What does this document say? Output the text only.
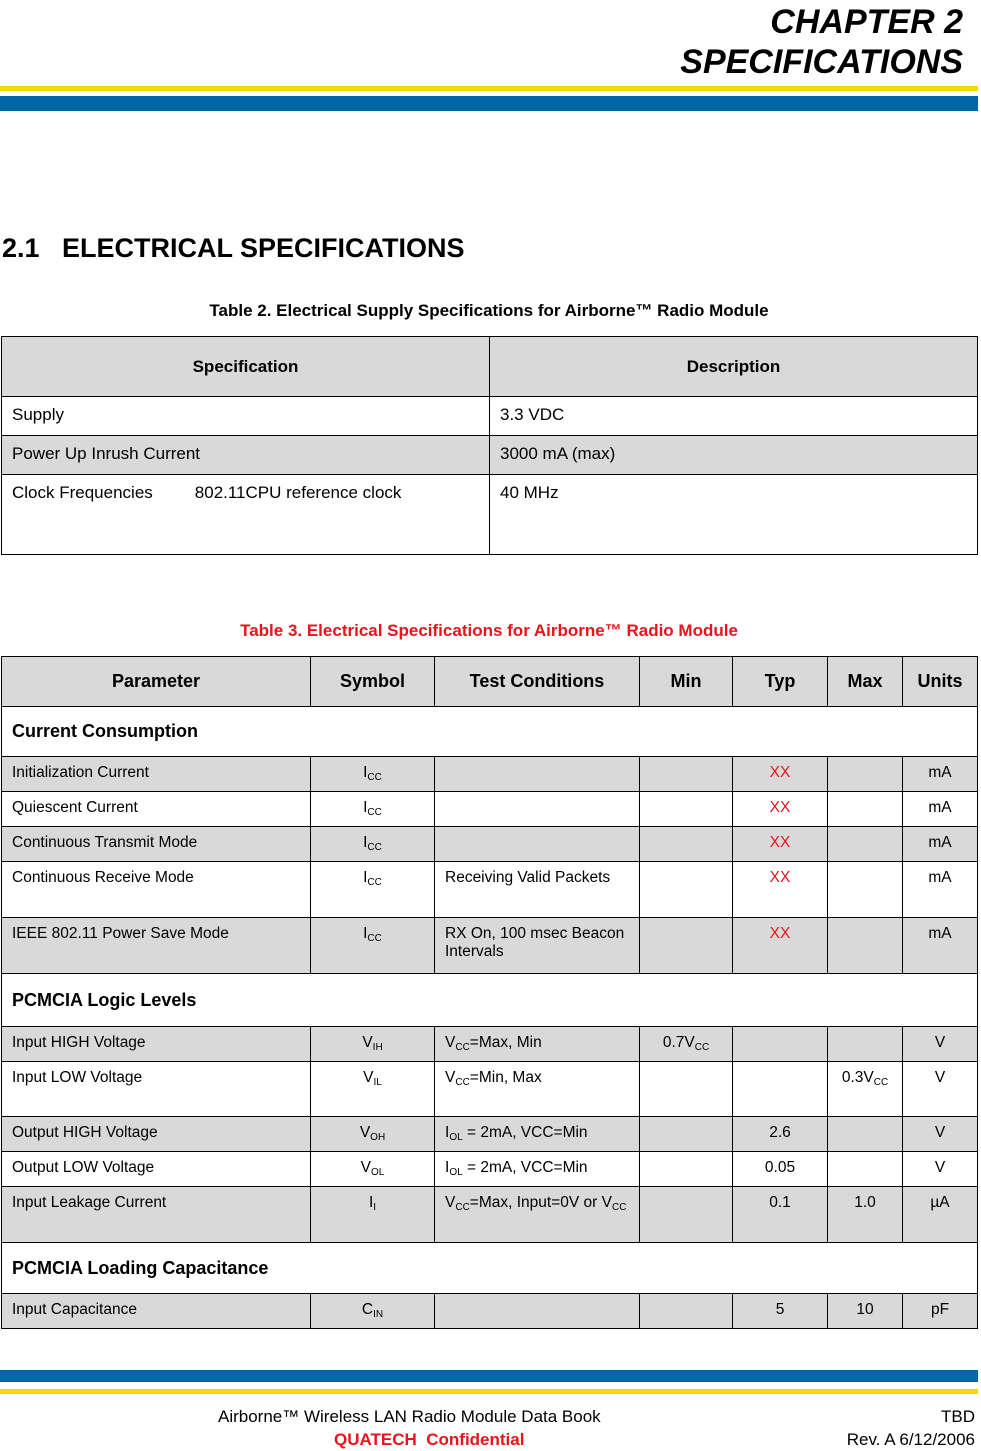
CHAPTER 2
SPECIFICATIONS
2.1 ELECTRICAL SPECIFICATIONS
Table 2. Electrical Supply Specifications for Airborne™ Radio Module
Specification	Description
Supply	3.3 VDC
Power Up Inrush Current	3000 mA (max)
Clock Frequencies 802.11CPU reference clock	40 MHz
Table 3. Electrical Specifications for Airborne™ Radio Module
Parameter	Symbol	Test Conditions	Min	Typ	Max	Units
Current Consumption						
Initialization Current	$I_{CC}$			XX		mA
Quiescent Current	$I_{CC}$			XX		mA
Continuous Transmit Mode	$I_{CC}$			XX		mA
Continuous Receive Mode	$I_{CC}$	Receiving Valid Packets		XX		mA
IEEE 802.11 Power Save Mode	$I_{CC}$	RX On, 100 msec Beacon Intervals		XX		mA
PCMCIA Logic Levels						
Input HIGH Voltage	$V_{IH}$	$V_{CC}=Max$, Min	$0.7V_{CC}$			V
Input LOW Voltage	$V_{IL}$	$V_{CC}=Min$, Max			$0.3V_{CC}$	V
Output HIGH Voltage	$V_{OH}$	$I_{OL} = 2mA$, VCC=Min		2.6		V
Output LOW Voltage	$V_{OL}$	$I_{OL} = 2mA$, VCC=Min		0.05		V
Input Leakage Current	$I_I$	$V_{CC}=Max$, Input=0V or $V_{CC}$		0.1	1.0	µA
PCMCIA Loading Capacitance						
Input Capacitance	$C_{IN}$			5	10	pF
Airborne™ Wireless LAN Radio Module Data Book	TBD
QUATECH  Confidential	Rev. A 6/12/2006
